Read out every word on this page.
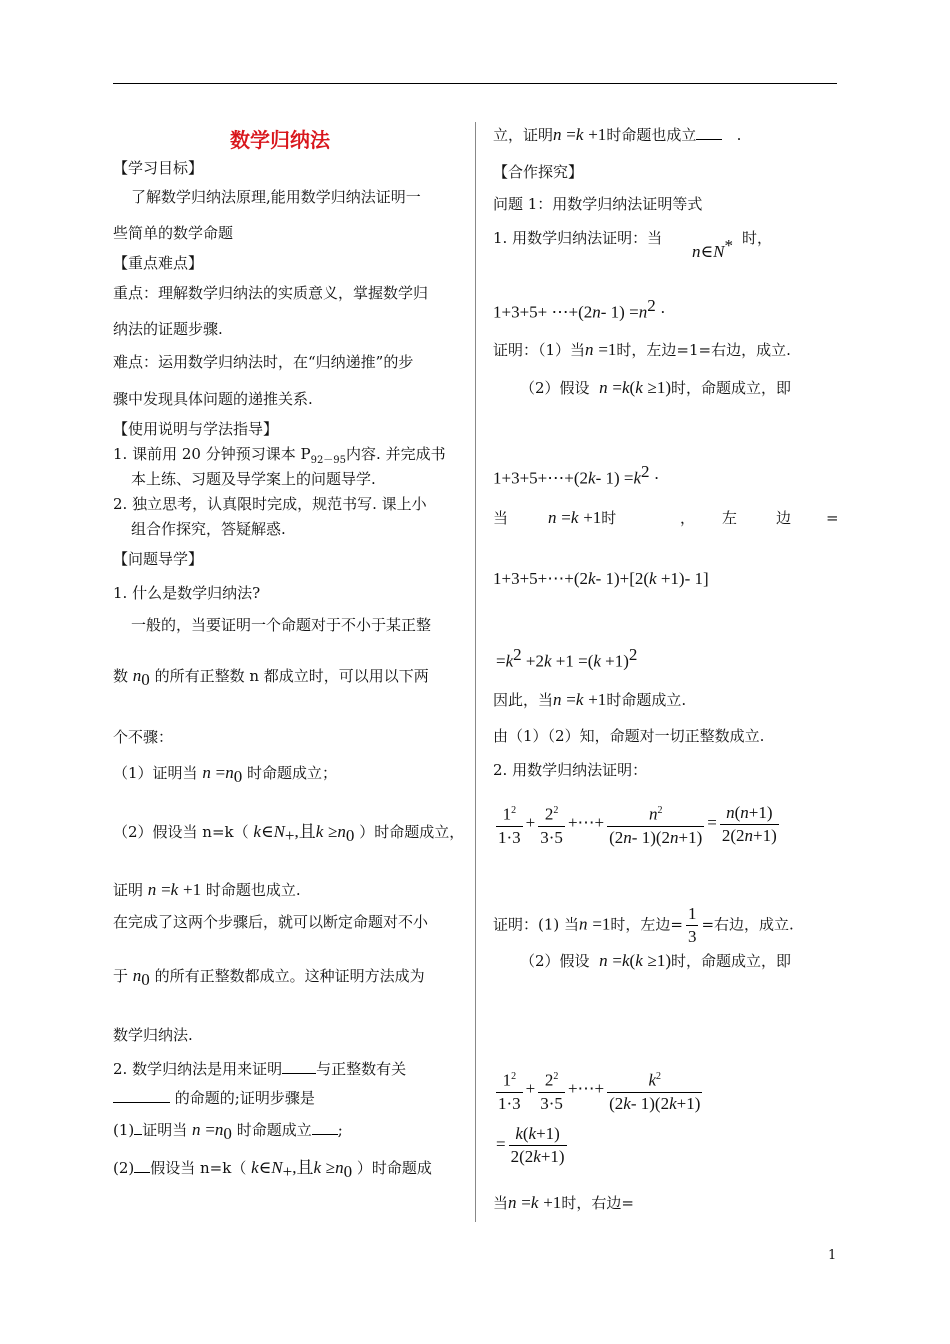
数学归纳法
【学习目标】
了解数学归纳法原理,能用数学归纳法证明一
些简单的数学命题
【重点难点】
重点：理解数学归纳法的实质意义，掌握数学归
纳法的证题步骤.
难点：运用数学归纳法时，在“归纳递推”的步
骤中发现具体问题的递推关系.
【使用说明与学法指导】
1. 课前用 20 分钟预习课本 $P_{92-95}$内容. 并完成书
本上练、习题及导学案上的问题导学.
2. 独立思考，认真限时完成，规范书写. 课上小
组合作探究，答疑解惑.
【问题导学】
1. 什么是数学归纳法?
一般的，当要证明一个命题对于不小于某正整
数 $n_0$ 的所有正整数 n 都成立时，可以用以下两
个不骤：
（1）证明当 $n =n_0$ 时命题成立；
（2）假设当 n=k（ $k\in N_+$,且$k \ge n_0$ ）时命题成立，
证明 n =k +1 时命题也成立.
在完成了这两个步骤后，就可以断定命题对不小
于 $n_0$ 的所有正整数都成立。这种证明方法成为
数学归纳法.
2. 数学归纳法是用来证明 与正整数有关
的命题的;证明步骤是
(1) 证明当 $n =n_0$ 时命题成立 ;
(2) 假设当 n=k（ $k\in N_+$,且$k \ge n_0$ ）时命题成
立，证明n =k +1时命题也成立	.
【合作探究】
问题 1：用数学归纳法证明等式
1. 用数学归纳法证明：当
n∈N* 时，
1+3+5+ ⋯+(2n- $1) =n^2$ ·
证明：（1）当n =1时，左边=1=右边，成立.
（2）假设 n =k(k ≥1)时，命题成立，即
1+3+5+⋯+(2k- $1) =k^2$ ·
当 n =k +1时	， 左	边 =
1+3+5+⋯+(2k- 1)+[2(k +1)- 1]
$=k^2 +2k +1 =(k +1)^2$
因此，当n =k +1时命题成立.
由（1）（2）知，命题对一切正整数成立.
2. 用数学归纳法证明：
$\frac{1^2}{1\cdot 3} + \frac{2^2}{3\cdot 5}$ +⋯+ $\frac{n^2}{(2n- 1)(2n+1)} = \frac{n(n+1)}{2(2n+1)}$
证明：(1) 当n =1时，左边= $\frac{1}{3}$ =右边，成立.
（2）假设 n =k(k ≥1)时，命题成立，即
$\frac{1^2}{1\cdot 3} + \frac{2^2}{3\cdot 5}$ +⋯+ $\frac{k^2}{(2k- 1)(2k+1)}$
= $\frac{k(k+1)}{2(2k+1)}$
当n =k +1时，右边=
1
